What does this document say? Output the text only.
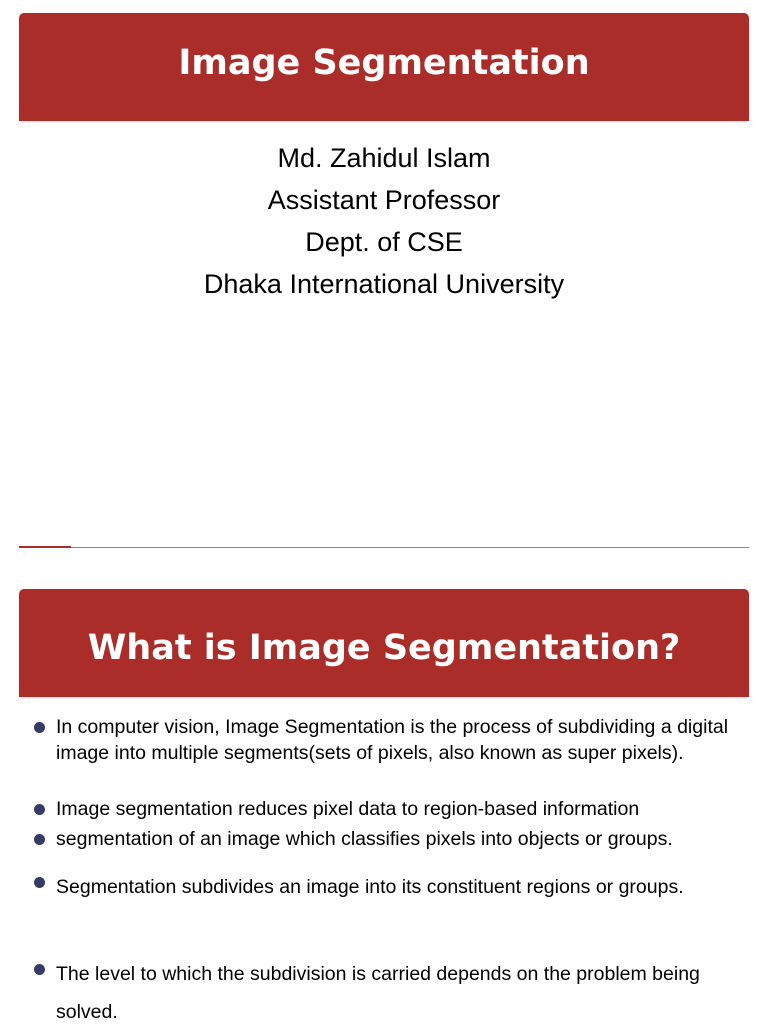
Image Segmentation
Md. Zahidul Islam
Assistant Professor
Dept. of CSE
Dhaka International University
What is Image Segmentation?
In computer vision, Image Segmentation is the process of subdividing a digital image into multiple segments(sets of pixels, also known as super pixels).
Image segmentation reduces pixel data to region-based information
segmentation of an image which classifies pixels into objects or groups.
Segmentation subdivides an image into its constituent regions or groups.
The level to which the subdivision is carried depends on the problem being solved.
